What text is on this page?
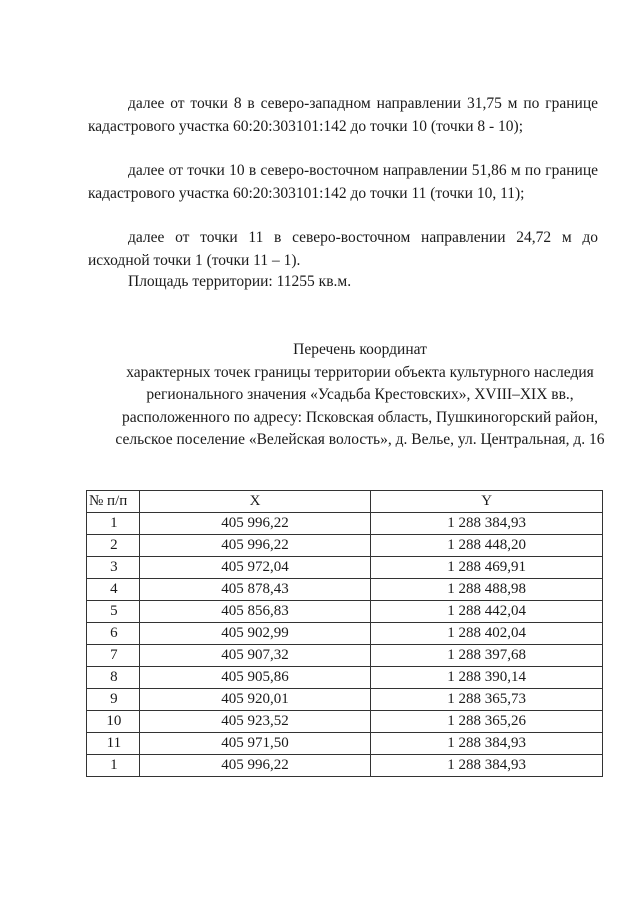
далее от точки 8 в северо-западном направлении 31,75 м по границе кадастрового участка 60:20:303101:142 до точки 10 (точки 8 - 10);

далее от точки 10 в северо-восточном направлении 51,86 м по границе кадастрового участка 60:20:303101:142 до точки 11 (точки 10, 11);

далее от точки 11 в северо-восточном направлении 24,72 м до исходной точки 1 (точки 11 – 1).

Площадь территории: 11255 кв.м.

Перечень координат
характерных точек границы территории объекта культурного наследия
регионального значения «Усадьба Крестовских», XVIII–XIX вв.,
расположенного по адресу: Псковская область, Пушкиногорский район,
сельское поселение «Велейская волость», д. Велье, ул. Центральная, д. 16
№ п/п	X	Y
1	405 996,22	1 288 384,93
2	405 996,22	1 288 448,20
3	405 972,04	1 288 469,91
4	405 878,43	1 288 488,98
5	405 856,83	1 288 442,04
6	405 902,99	1 288 402,04
7	405 907,32	1 288 397,68
8	405 905,86	1 288 390,14
9	405 920,01	1 288 365,73
10	405 923,52	1 288 365,26
11	405 971,50	1 288 384,93
1	405 996,22	1 288 384,93
